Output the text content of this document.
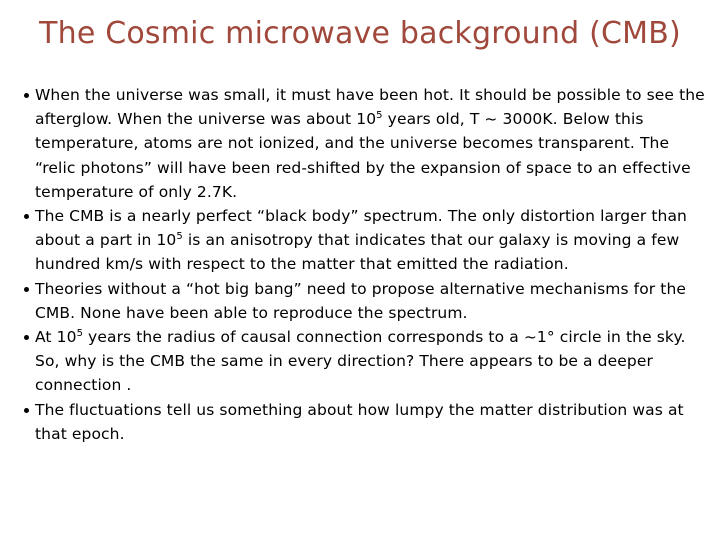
The Cosmic microwave background (CMB)
When the universe was small, it must have been hot. It should be possible to see the afterglow. When the universe was about $10^5$ years old, T ~ 3000K. Below this temperature, atoms are not ionized, and the universe becomes transparent. The “relic photons” will have been red-shifted by the expansion of space to an effective temperature of only 2.7K.
The CMB is a nearly perfect “black body” spectrum. The only distortion larger than about a part in $10^5$ is an anisotropy that indicates that our galaxy is moving a few hundred km/s with respect to the matter that emitted the radiation.
Theories without a “hot big bang” need to propose alternative mechanisms for the CMB. None have been able to reproduce the spectrum.
At $10^5$ years the radius of causal connection corresponds to a ~1° circle in the sky. So, why is the CMB the same in every direction? There appears to be a deeper connection .
The fluctuations tell us something about how lumpy the matter distribution was at that epoch.
